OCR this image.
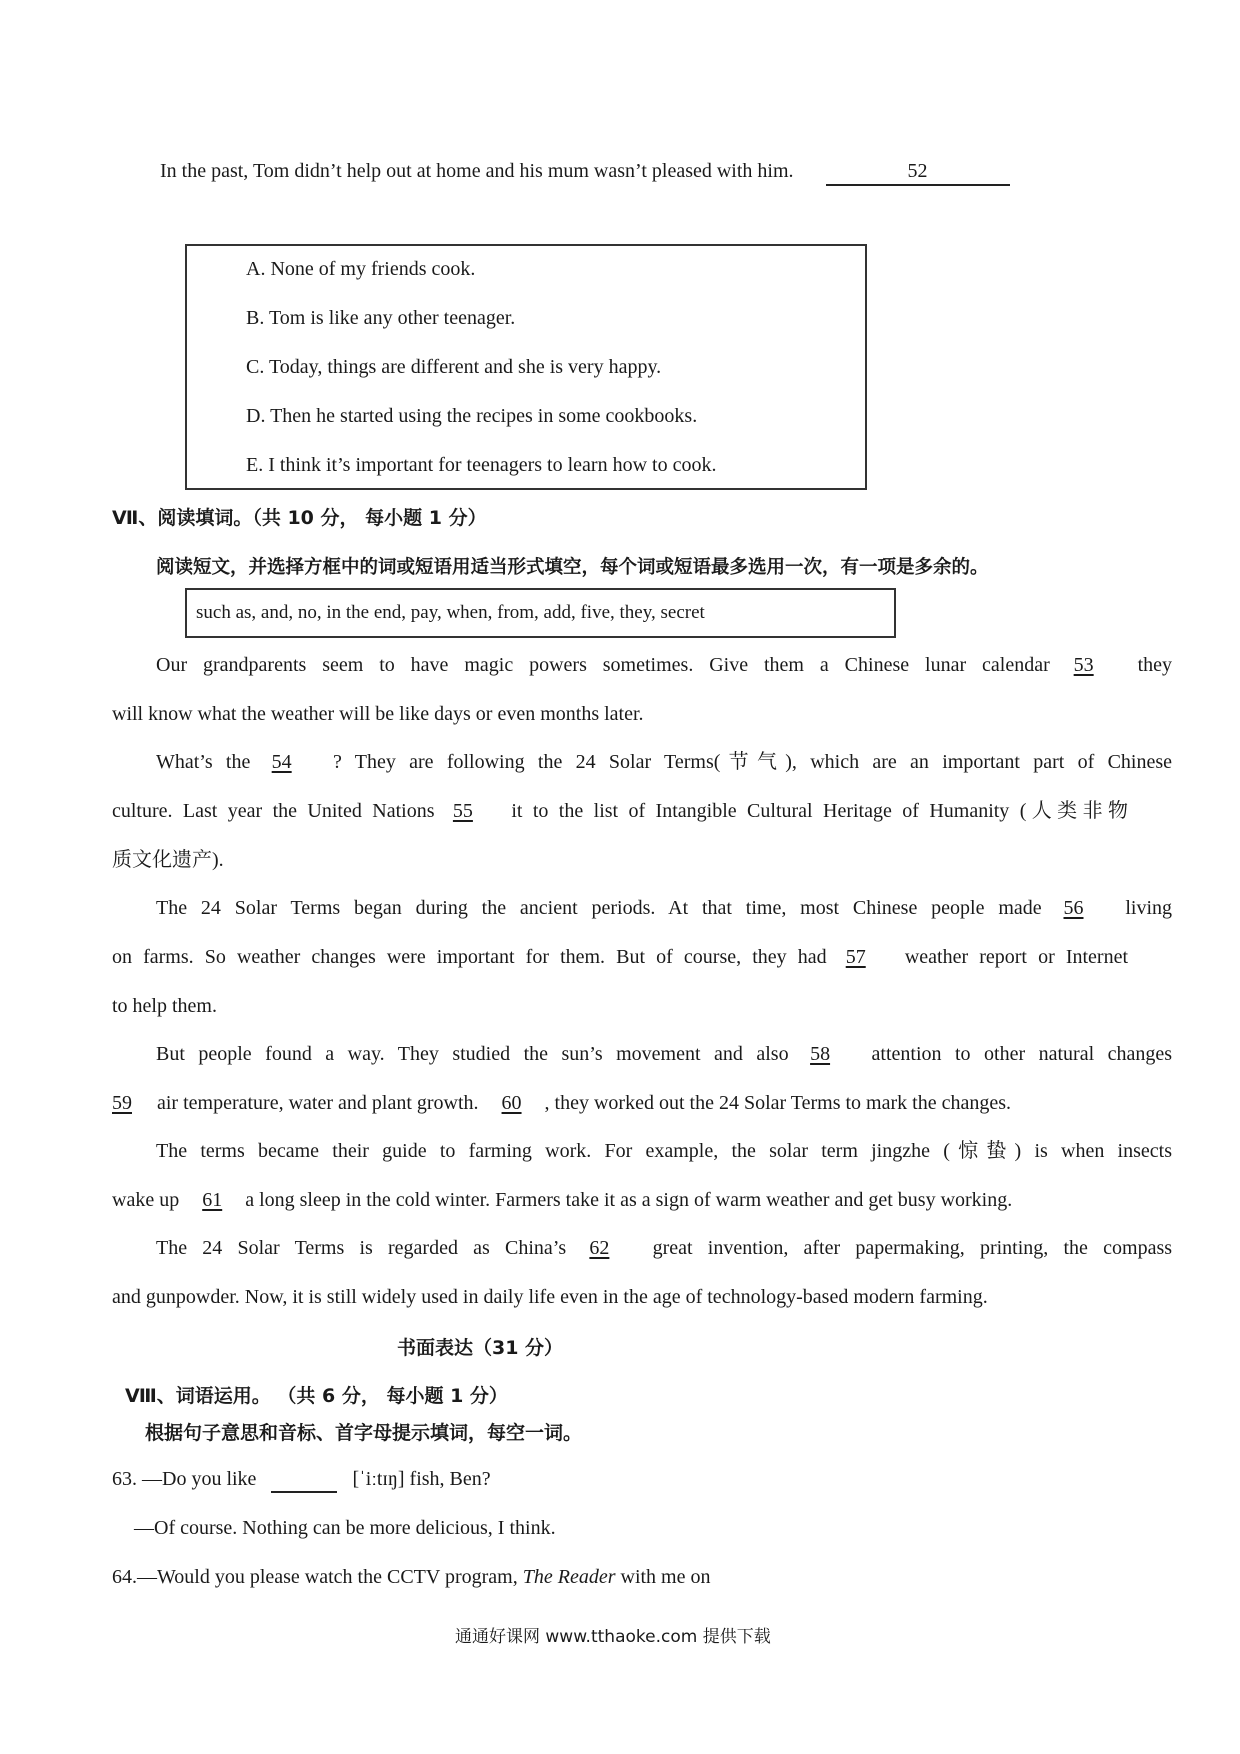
In the past, Tom didn’t help out at home and his mum wasn’t pleased with him.	52
A. None of my friends cook.
B. Tom is like any other teenager.
C. Today, things are different and she is very happy.
D. Then he started using the recipes in some cookbooks.
E. I think it’s important for teenagers to learn how to cook.
Ⅶ、阅读填词。（共 10 分， 每小题 1 分）
阅读短文，并选择方框中的词或短语用适当形式填空，每个词或短语最多选用一次，有一项是多余的。
such as, and, no, in the end, pay, when, from, add, five, they, secret
Our grandparents seem to have magic powers sometimes. Give them a Chinese lunar calendar 53 they
will know what the weather will be like days or even months later.
What’s the 54 ? They are following the 24 Solar Terms(节气), which are an important part of Chinese
culture. Last year the United Nations 55 it to the list of Intangible Cultural Heritage of Humanity (人类非物
质文化遗产).
The 24 Solar Terms began during the ancient periods. At that time, most Chinese people made 56 living
on farms. So weather changes were important for them. But of course, they had 57 weather report or Internet
to help them.
But people found a way. They studied the sun’s movement and also 58 attention to other natural changes
59 air temperature, water and plant growth. 60 , they worked out the 24 Solar Terms to mark the changes.
The terms became their guide to farming work. For example, the solar term jingzhe (惊蛰) is when insects
wake up 61 a long sleep in the cold winter. Farmers take it as a sign of warm weather and get busy working.
The 24 Solar Terms is regarded as China’s 62 great invention, after papermaking, printing, the compass
and gunpowder. Now, it is still widely used in daily life even in the age of technology-based modern farming.
书面表达（31 分）
Ⅷ、词语运用。 （共 6 分， 每小题 1 分）
根据句子意思和音标、首字母提示填词，每空一词。
63. —Do you like	[ˈiːtɪŋ] fish, Ben?
—Of course. Nothing can be more delicious, I think.
64.—Would you please watch the CCTV program, The Reader with me on
通通好课网 www.tthaoke.com 提供下载
